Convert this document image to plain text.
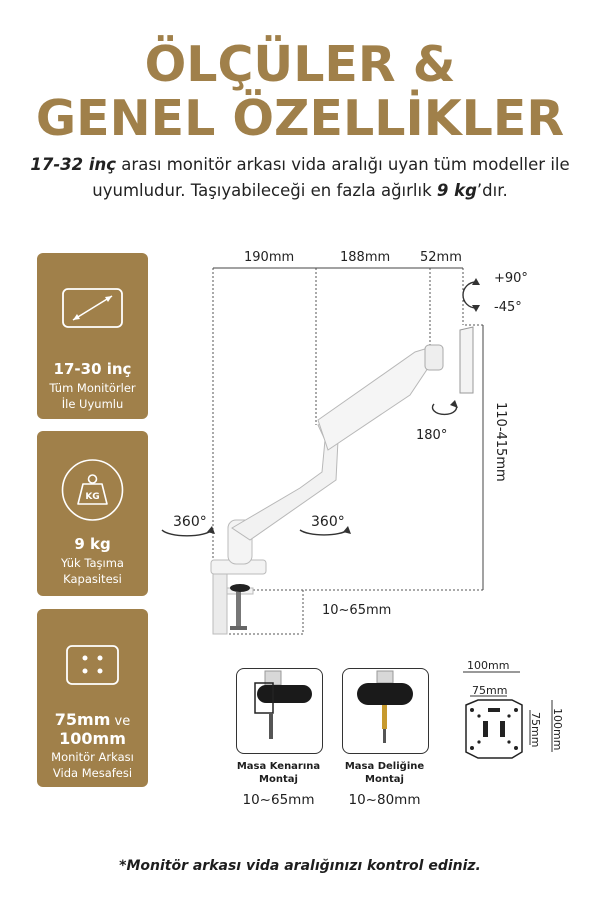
ÖLÇÜLER &
GENEL ÖZELLİKLER
17-32 inç arası monitör arkası vida aralığı uyan tüm modeller ile uyumludur. Taşıyabileceği en fazla ağırlık 9 kg’dır.
17-30 inç
Tüm Monitörler
İle Uyumlu
KG
9 kg
Yük Taşıma
Kapasitesi
75mm ve
100mm
Monitör Arkası
Vida Mesafesi
190mm	188mm 52mm
+90°
-45°
180°	110-415mm
360°	360°
10~65mm
Masa Kenarına
Montaj
10~65mm
Masa Deliğine
Montaj
10~80mm
100mm
75mm
75mm 100mm
*Monitör arkası vida aralığınızı kontrol ediniz.
